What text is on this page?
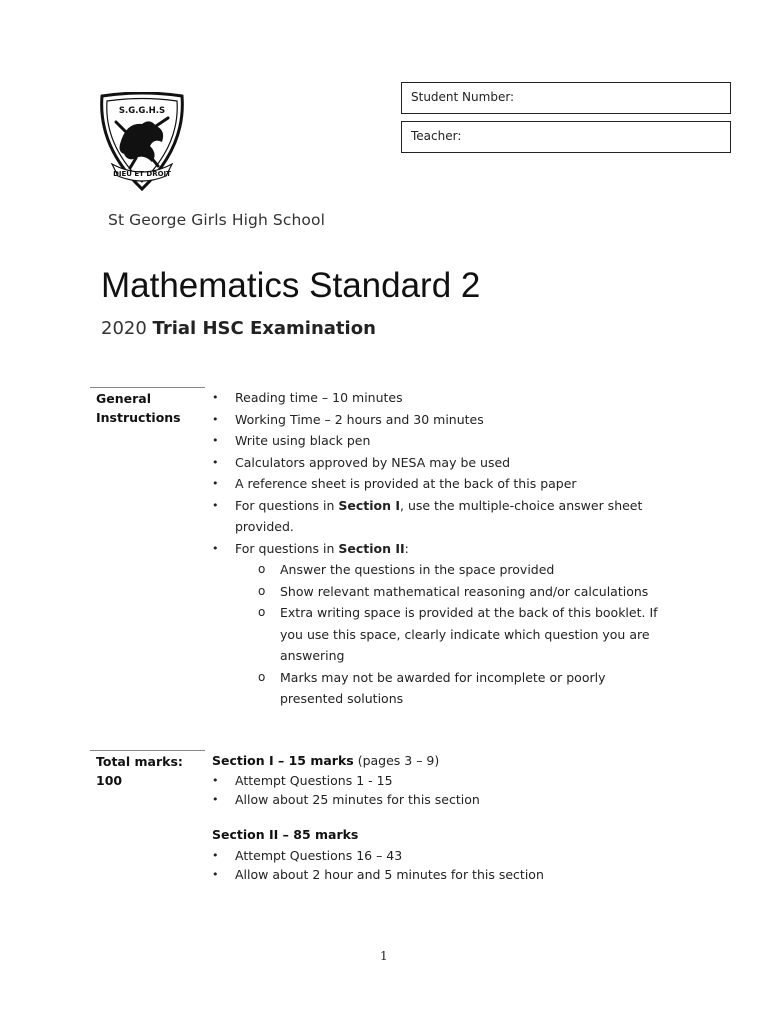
Student Number:
Teacher:
S.G.G.H.S
DIEU ET DROIT
St George Girls High School
Mathematics Standard 2
2020 Trial HSC Examination
General
Instructions
• Reading time – 10 minutes
• Working Time – 2 hours and 30 minutes
• Write using black pen
• Calculators approved by NESA may be used
• A reference sheet is provided at the back of this paper
• For questions in Section I, use the multiple-choice answer sheet provided.
• For questions in Section II:
o Answer the questions in the space provided
o Show relevant mathematical reasoning and/or calculations
o Extra writing space is provided at the back of this booklet. If you use this space, clearly indicate which question you are answering
o Marks may not be awarded for incomplete or poorly presented solutions
Total marks:
100
Section I – 15 marks (pages 3 – 9)
• Attempt Questions 1 - 15
• Allow about 25 minutes for this section
Section II – 85 marks
• Attempt Questions 16 – 43
• Allow about 2 hour and 5 minutes for this section
1
